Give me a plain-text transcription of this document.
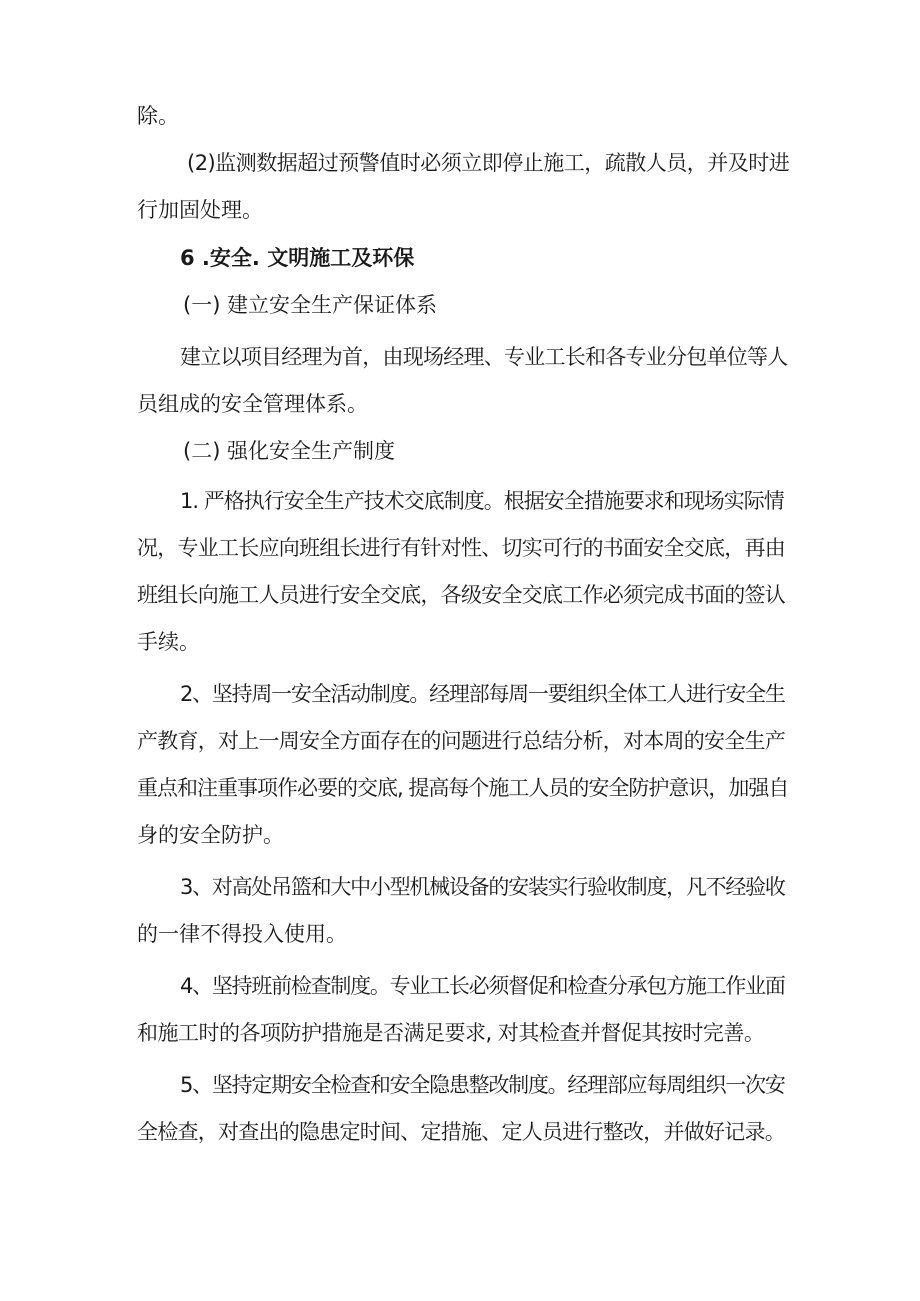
除。
(2)监测数据超过预警值时必须立即停止施工，疏散人员，并及时进
行加固处理。
6 .安全. 文明施工及环保
(一) 建立安全生产保证体系
建立以项目经理为首，由现场经理、专业工长和各专业分包单位等人
员组成的安全管理体系。
(二) 强化安全生产制度
1. 严格执行安全生产技术交底制度。根据安全措施要求和现场实际情
况，专业工长应向班组长进行有针对性、切实可行的书面安全交底，再由
班组长向施工人员进行安全交底，各级安全交底工作必须完成书面的签认
手续。
2、坚持周一安全活动制度。经理部每周一要组织全体工人进行安全生
产教育，对上一周安全方面存在的问题进行总结分析，对本周的安全生产
重点和注重事项作必要的交底, 提高每个施工人员的安全防护意识，加强自
身的安全防护。
3、对高处吊篮和大中小型机械设备的安装实行验收制度，凡不经验收
的一律不得投入使用。
4、坚持班前检查制度。专业工长必须督促和检查分承包方施工作业面
和施工时的各项防护措施是否满足要求, 对其检查并督促其按时完善。
5、坚持定期安全检查和安全隐患整改制度。经理部应每周组织一次安
全检查，对查出的隐患定时间、定措施、定人员进行整改，并做好记录。
